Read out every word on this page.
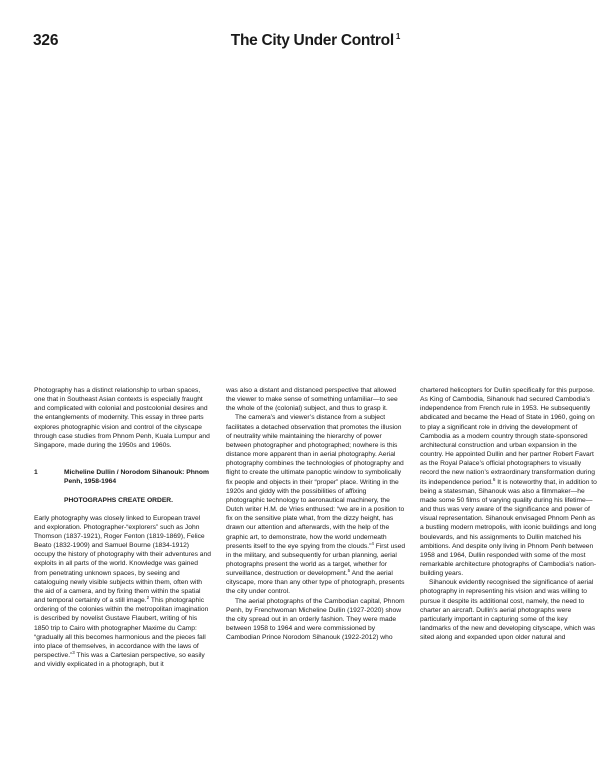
326	The City Under Control $^1$

Photography has a distinct relationship to urban spaces, one that in Southeast Asian contexts is especially fraught and complicated with colonial and postcolonial desires and the entanglements of modernity. This essay in three parts explores photographic vision and control of the cityscape through case studies from Phnom Penh, Kuala Lumpur and Singapore, made during the 1950s and 1960s.

1	Micheline Dullin / Norodom Sihanouk: Phnom Penh, 1958-1964
PHOTOGRAPHS CREATE ORDER.

Early photography was closely linked to European travel and exploration. Photographer-“explorers” such as John Thomson (1837-1921), Roger Fenton (1819-1869), Felice Beato (1832-1909) and Samuel Bourne (1834-1912) occupy the history of photography with their adventures and exploits in all parts of the world. Knowledge was gained from penetrating unknown spaces, by seeing and cataloguing newly visible subjects within them, often with the aid of a camera, and by fixing them within the spatial and temporal certainty of a still image.$^2$ This photographic ordering of the colonies within the metropolitan imagination is described by novelist Gustave Flaubert, writing of his 1850 trip to Cairo with photographer Maxime du Camp: “gradually all this becomes harmonious and the pieces fall into place of themselves, in accordance with the laws of perspective.”$^3$ This was a Cartesian perspective, so easily and vividly explicated in a photograph, but it

was also a distant and distanced perspective that allowed the viewer to make sense of something unfamiliar—to see the whole of the (colonial) subject, and thus to grasp it.

The camera’s and viewer’s distance from a subject facilitates a detached observation that promotes the illusion of neutrality while maintaining the hierarchy of power between photographer and photographed; nowhere is this distance more apparent than in aerial photography. Aerial photography combines the technologies of photography and flight to create the ultimate panoptic window to symbolically fix people and objects in their “proper” place. Writing in the 1920s and giddy with the possibilities of affixing photographic technology to aeronautical machinery, the Dutch writer H.M. de Vries enthused: “we are in a position to fix on the sensitive plate what, from the dizzy height, has drawn our attention and afterwards, with the help of the graphic art, to demonstrate, how the world underneath presents itself to the eye spying from the clouds.”$^4$ First used in the military, and subsequently for urban planning, aerial photographs present the world as a target, whether for surveillance, destruction or development.$^5$ And the aerial cityscape, more than any other type of photograph, presents the city under control.

The aerial photographs of the Cambodian capital, Phnom Penh, by Frenchwoman Micheline Dullin (1927-2020) show the city spread out in an orderly fashion. They were made between 1958 to 1964 and were commissioned by Cambodian Prince Norodom Sihanouk (1922-2012) who

chartered helicopters for Dullin specifically for this purpose. As King of Cambodia, Sihanouk had secured Cambodia’s independence from French rule in 1953. He subsequently abdicated and became the Head of State in 1960, going on to play a significant role in driving the development of Cambodia as a modern country through state-sponsored architectural construction and urban expansion in the country. He appointed Dullin and her partner Robert Favart as the Royal Palace’s official photographers to visually record the new nation’s extraordinary transformation during its independence period.$^6$ It is noteworthy that, in addition to being a statesman, Sihanouk was also a filmmaker—he made some 50 films of varying quality during his lifetime—and thus was very aware of the significance and power of visual representation. Sihanouk envisaged Phnom Penh as a bustling modern metropolis, with iconic buildings and long boulevards, and his assignments to Dullin matched his ambitions. And despite only living in Phnom Penh between 1958 and 1964, Dullin responded with some of the most remarkable architecture photographs of Cambodia’s nation-building years.

Sihanouk evidently recognised the significance of aerial photography in representing his vision and was willing to pursue it despite its additional cost, namely, the need to charter an aircraft. Dullin’s aerial photographs were particularly important in capturing some of the key landmarks of the new and developing cityscape, which was sited along and expanded upon older natural and
